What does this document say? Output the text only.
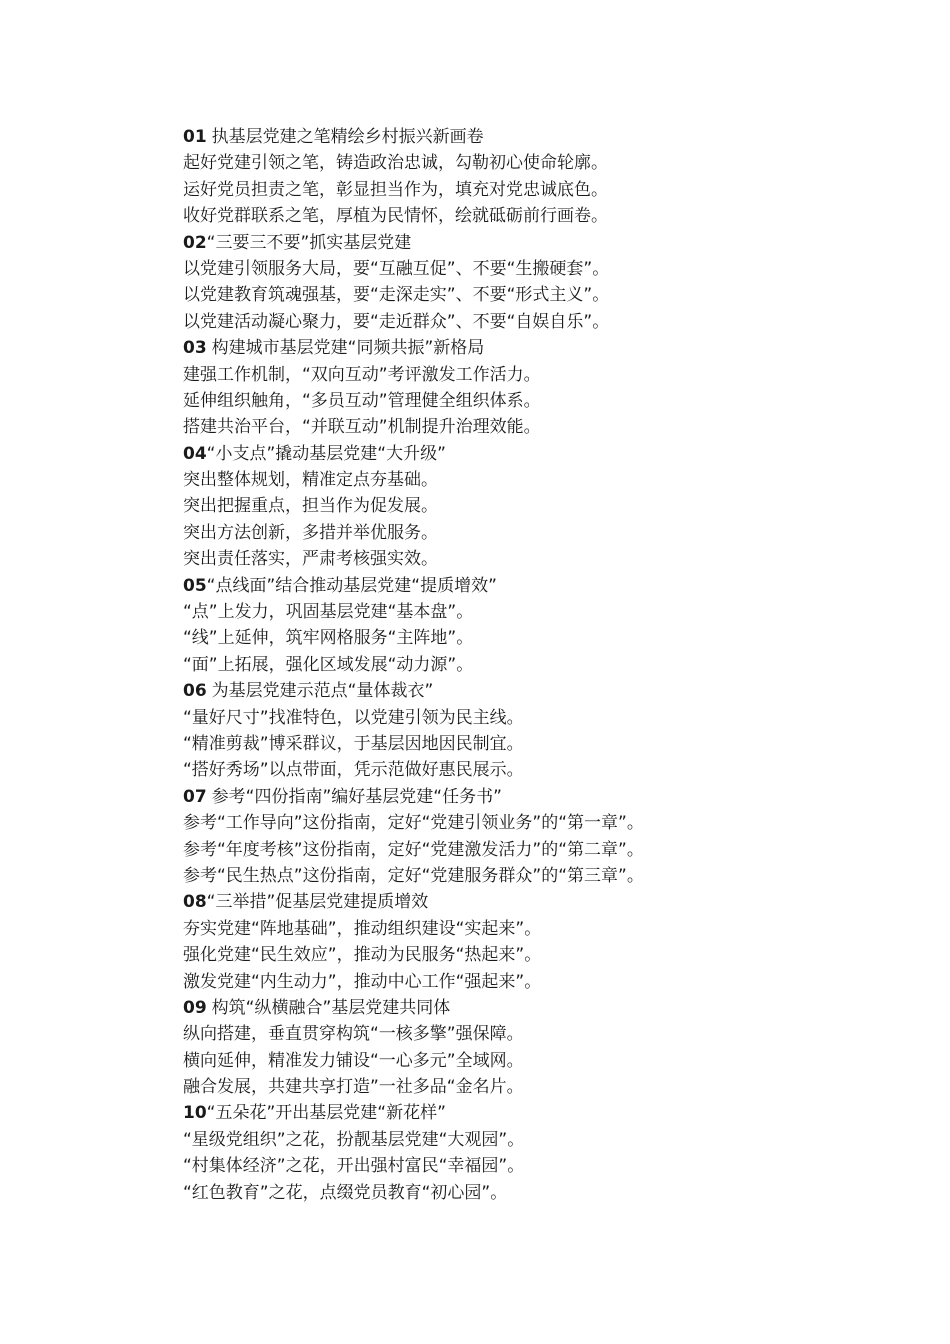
01 执基层党建之笔精绘乡村振兴新画卷
起好党建引领之笔，铸造政治忠诚，勾勒初心使命轮廓。
运好党员担责之笔，彰显担当作为，填充对党忠诚底色。
收好党群联系之笔，厚植为民情怀，绘就砥砺前行画卷。
02“三要三不要”抓实基层党建
以党建引领服务大局，要“互融互促”、不要“生搬硬套”。
以党建教育筑魂强基，要“走深走实”、不要“形式主义”。
以党建活动凝心聚力，要“走近群众”、不要“自娱自乐”。
03 构建城市基层党建“同频共振”新格局
建强工作机制，“双向互动”考评激发工作活力。
延伸组织触角，“多员互动”管理健全组织体系。
搭建共治平台，“并联互动”机制提升治理效能。
04“小支点”撬动基层党建“大升级”
突出整体规划，精准定点夯基础。
突出把握重点，担当作为促发展。
突出方法创新，多措并举优服务。
突出责任落实，严肃考核强实效。
05“点线面”结合推动基层党建“提质增效”
“点”上发力，巩固基层党建“基本盘”。
“线”上延伸，筑牢网格服务“主阵地”。
“面”上拓展，强化区域发展“动力源”。
06 为基层党建示范点“量体裁衣”
“量好尺寸”找准特色，以党建引领为民主线。
“精准剪裁”博采群议，于基层因地因民制宜。
“搭好秀场”以点带面，凭示范做好惠民展示。
07 参考“四份指南”编好基层党建“任务书”
参考“工作导向”这份指南，定好“党建引领业务”的“第一章”。
参考“年度考核”这份指南，定好“党建激发活力”的“第二章”。
参考“民生热点”这份指南，定好“党建服务群众”的“第三章”。
08“三举措”促基层党建提质增效
夯实党建“阵地基础”，推动组织建设“实起来”。
强化党建“民生效应”，推动为民服务“热起来”。
激发党建“内生动力”，推动中心工作“强起来”。
09 构筑“纵横融合”基层党建共同体
纵向搭建，垂直贯穿构筑“一核多擎”强保障。
横向延伸，精准发力铺设“一心多元”全域网。
融合发展，共建共享打造”一社多品“金名片。
10“五朵花”开出基层党建“新花样”
“星级党组织”之花，扮靓基层党建“大观园”。
“村集体经济”之花，开出强村富民“幸福园”。
“红色教育”之花，点缀党员教育“初心园”。
